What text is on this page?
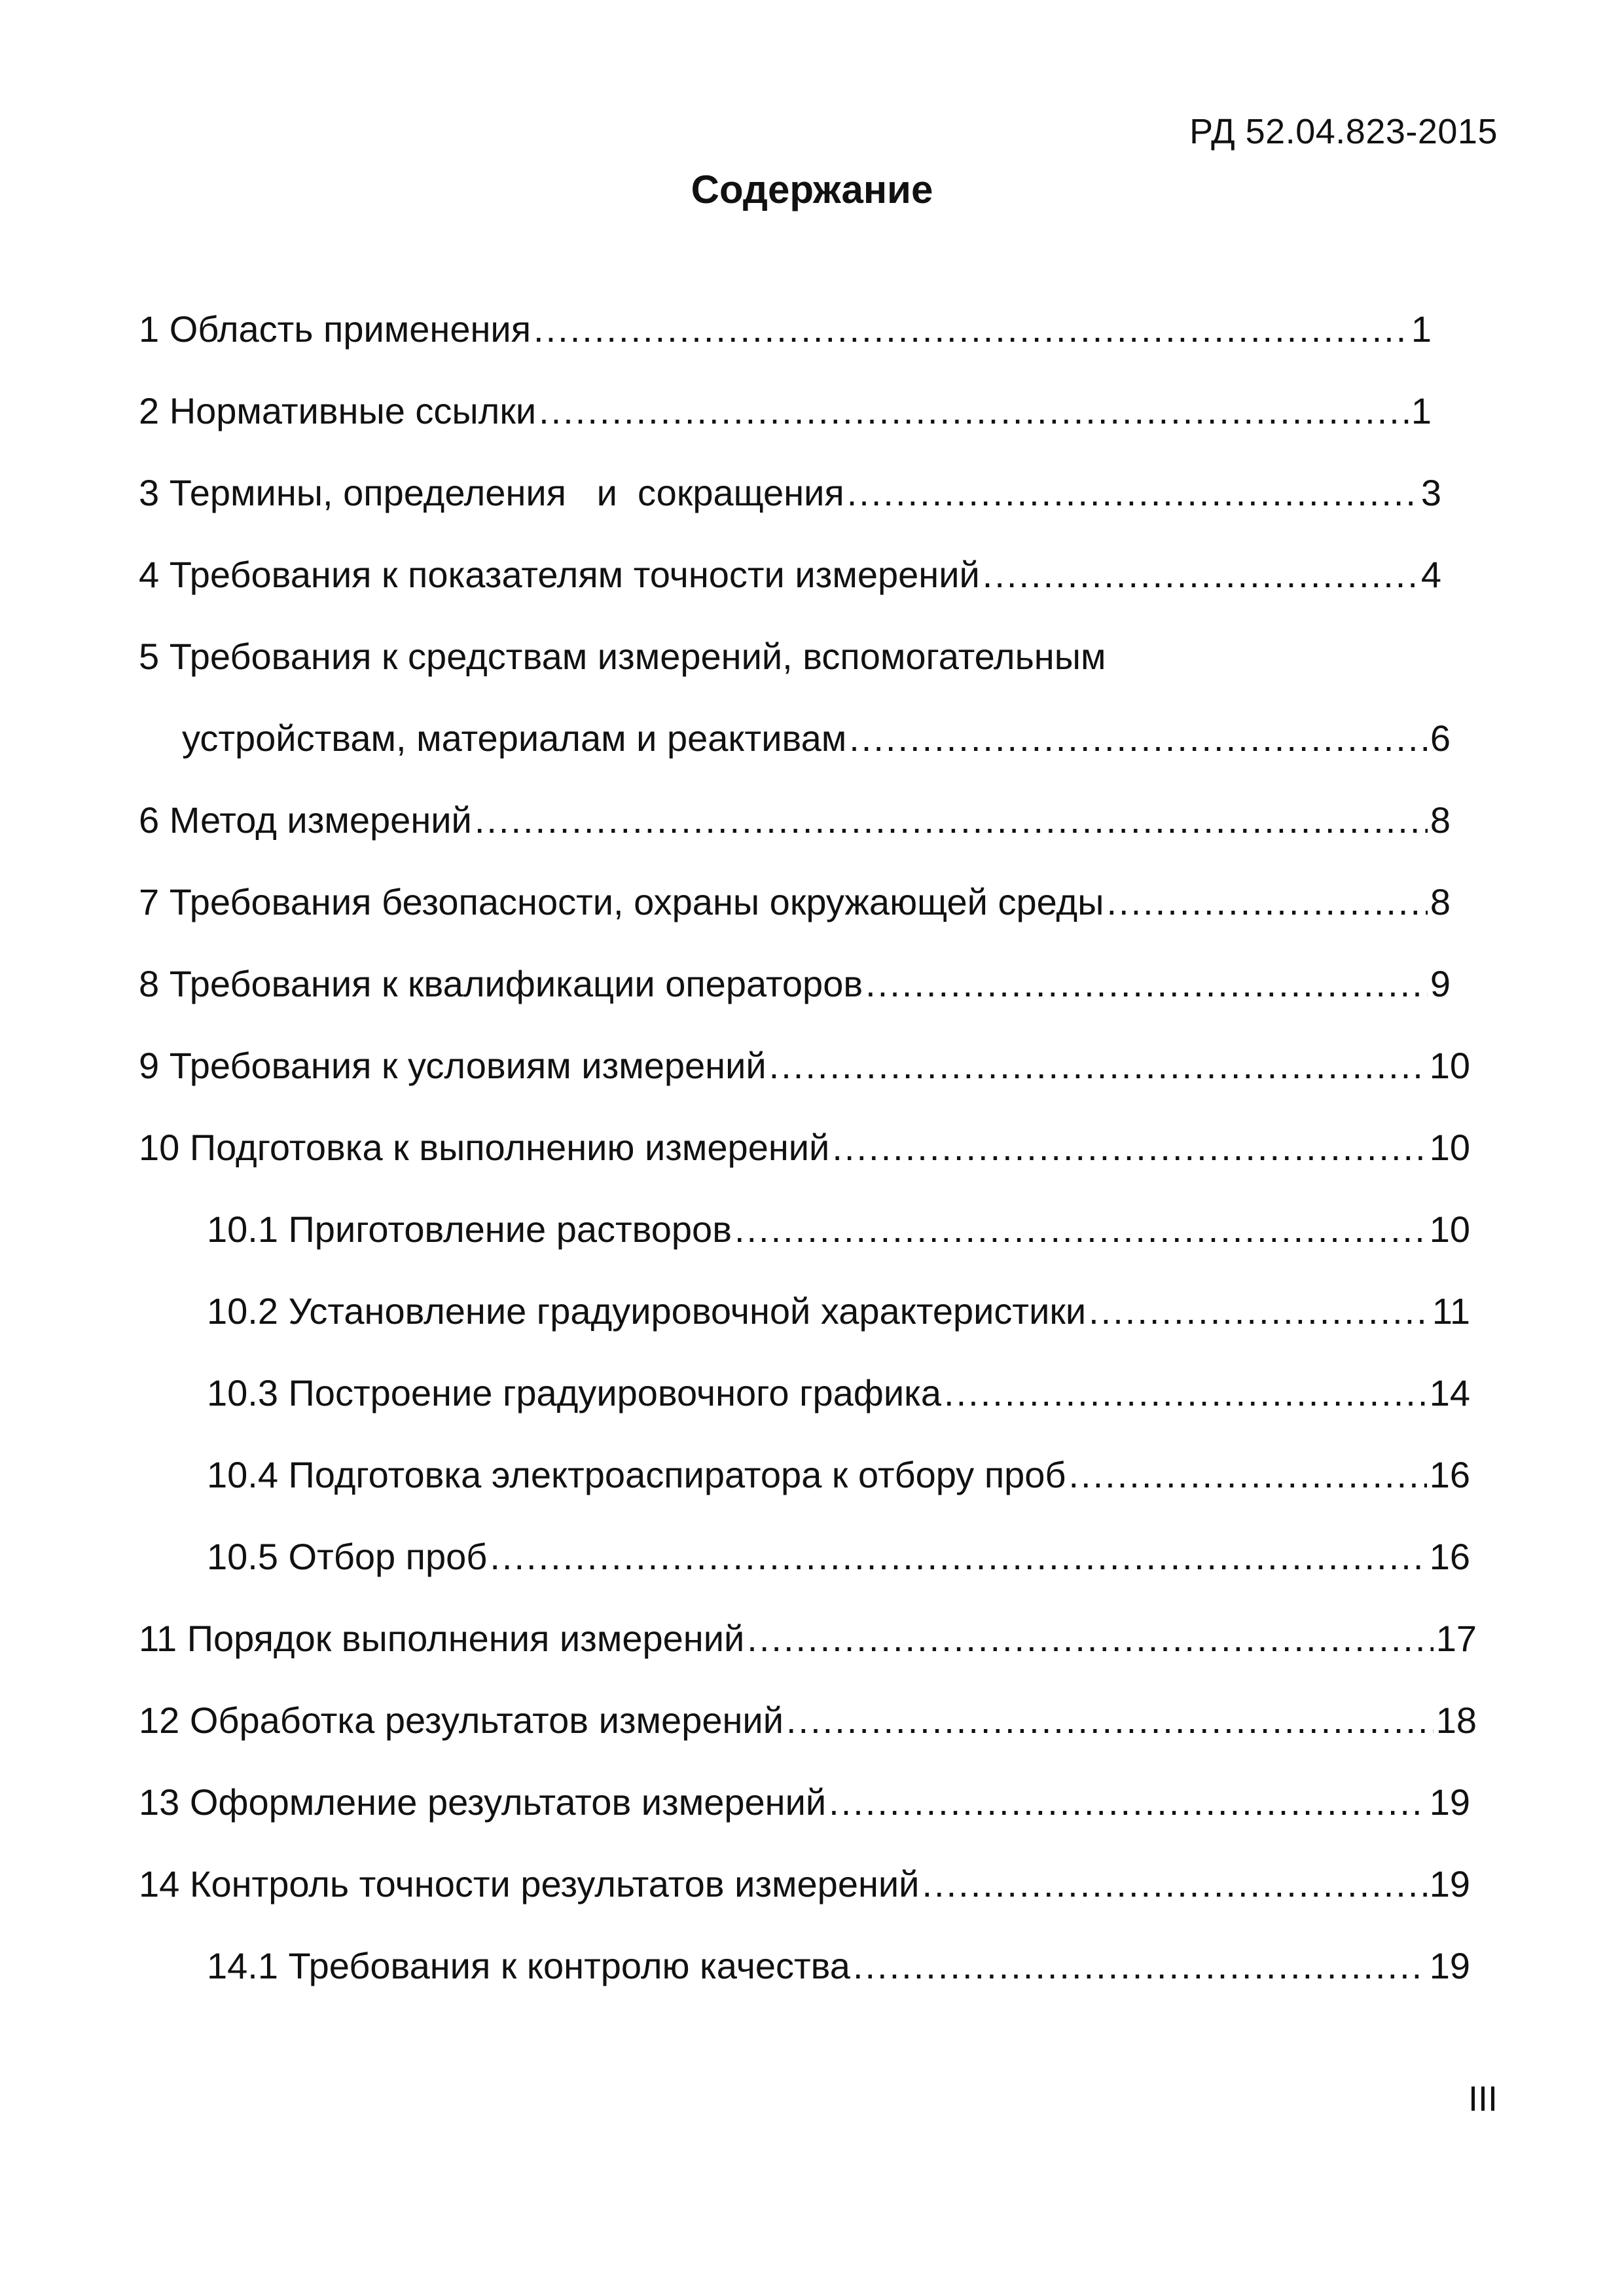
РД 52.04.823-2015
Содержание
1 Область применения .....	1
2 Нормативные ссылки .....	1
3 Термины, определения   и  сокращения .....	3
4 Требования к показателям точности измерений .....	4
5 Требования к средствам измерений, вспомогательным
устройствам, материалам и реактивам .....	6
6 Метод измерений .....	8
7 Требования безопасности, охраны окружающей среды .....	8
8 Требования к квалификации операторов .....	9
9 Требования к условиям измерений .....	10
10 Подготовка к выполнению измерений .....	10
10.1 Приготовление растворов .....	10
10.2 Установление градуировочной характеристики .....	11
10.3 Построение градуировочного графика .....	14
10.4 Подготовка электроаспиратора к отбору проб .....	16
10.5 Отбор проб .....	16
11 Порядок выполнения измерений .....	17
12 Обработка результатов измерений .....	18
13 Оформление результатов измерений .....	19
14 Контроль точности результатов измерений .....	19
14.1 Требования к контролю качества .....	19
III
